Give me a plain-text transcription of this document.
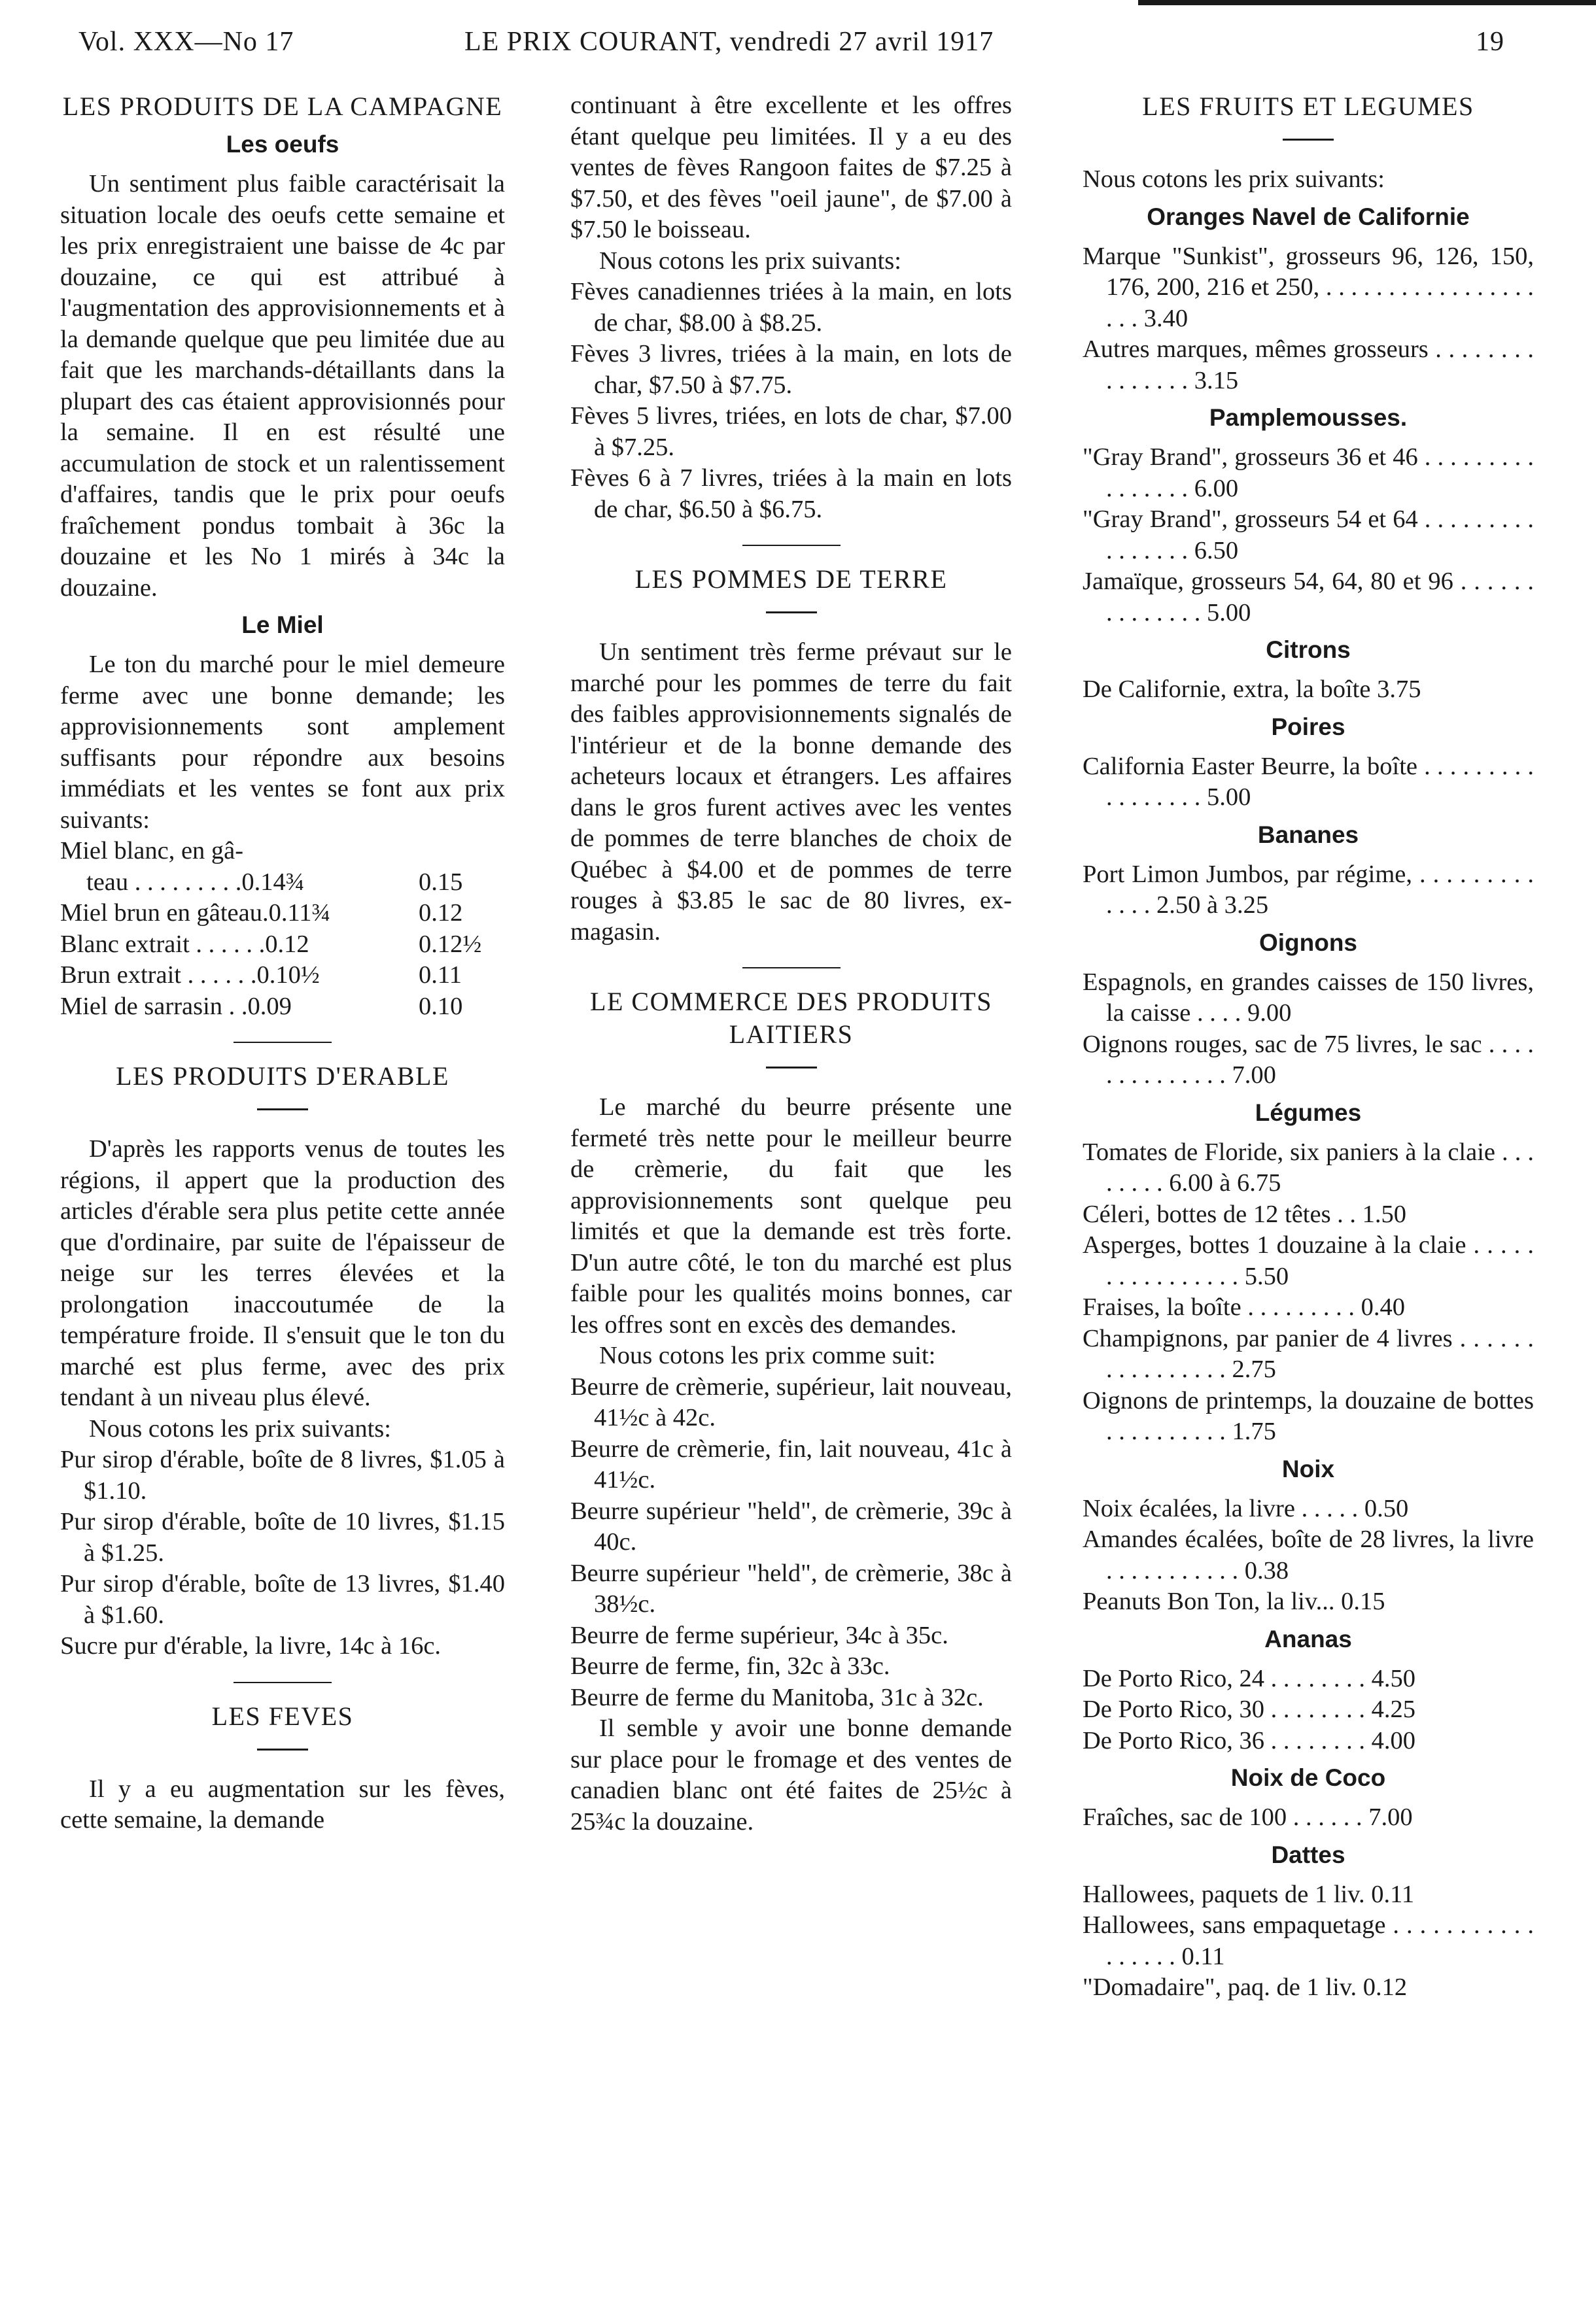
Vol. XXX—No 17	LE PRIX COURANT, vendredi 27 avril 1917	19
LES PRODUITS DE LA CAMPAGNE
Les oeufs

Un sentiment plus faible caractérisait la situation locale des oeufs cette semaine et les prix enregistraient une baisse de 4c par douzaine, ce qui est attribué à l'augmentation des approvisionnements et à la demande quelque que peu limitée due au fait que les marchands-détaillants dans la plupart des cas étaient approvisionnés pour la semaine. Il en est résulté une accumulation de stock et un ralentissement d'affaires, tandis que le prix pour oeufs fraîchement pondus tombait à 36c la douzaine et les No 1 mirés à 34c la douzaine.

Le Miel

Le ton du marché pour le miel demeure ferme avec une bonne demande; les approvisionnements sont amplement suffisants pour répondre aux besoins immédiats et les ventes se font aux prix suivants:

Miel blanc, en gâ-
teau . . . . . . . . .0.14¾	0.15
Miel brun en gâteau.0.11¾	0.12
Blanc extrait . . . . . .0.12	0.12½
Brun extrait . . . . . .0.10½	0.11
Miel de sarrasin . .0.09	0.10
LES PRODUITS D'ERABLE

D'après les rapports venus de toutes les régions, il appert que la production des articles d'érable sera plus petite cette année que d'ordinaire, par suite de l'épaisseur de neige sur les terres élevées et la prolongation inaccoutumée de la température froide. Il s'ensuit que le ton du marché est plus ferme, avec des prix tendant à un niveau plus élevé.

Nous cotons les prix suivants:

Pur sirop d'érable, boîte de 8 livres, $1.05 à $1.10.

Pur sirop d'érable, boîte de 10 livres, $1.15 à $1.25.

Pur sirop d'érable, boîte de 13 livres, $1.40 à $1.60.

Sucre pur d'érable, la livre, 14c à 16c.

LES FEVES

Il y a eu augmentation sur les fèves, cette semaine, la demande

continuant à être excellente et les offres étant quelque peu limitées. Il y a eu des ventes de fèves Rangoon faites de $7.25 à $7.50, et des fèves "oeil jaune", de $7.00 à $7.50 le boisseau.

Nous cotons les prix suivants:

Fèves canadiennes triées à la main, en lots de char, $8.00 à $8.25.

Fèves 3 livres, triées à la main, en lots de char, $7.50 à $7.75.

Fèves 5 livres, triées, en lots de char, $7.00 à $7.25.

Fèves 6 à 7 livres, triées à la main en lots de char, $6.50 à $6.75.

LES POMMES DE TERRE

Un sentiment très ferme prévaut sur le marché pour les pommes de terre du fait des faibles approvisionnements signalés de l'intérieur et de la bonne demande des acheteurs locaux et étrangers. Les affaires dans le gros furent actives avec les ventes de pommes de terre blanches de choix de Québec à $4.00 et de pommes de terre rouges à $3.85 le sac de 80 livres, ex-magasin.

LE COMMERCE DES PRODUITS LAITIERS

Le marché du beurre présente une fermeté très nette pour le meilleur beurre de crèmerie, du fait que les approvisionnements sont quelque peu limités et que la demande est très forte. D'un autre côté, le ton du marché est plus faible pour les qualités moins bonnes, car les offres sont en excès des demandes.

Nous cotons les prix comme suit:

Beurre de crèmerie, supérieur, lait nouveau, 41½c à 42c.

Beurre de crèmerie, fin, lait nouveau, 41c à 41½c.

Beurre supérieur "held", de crèmerie, 39c à 40c.

Beurre supérieur "held", de crèmerie, 38c à 38½c.

Beurre de ferme supérieur, 34c à 35c.

Beurre de ferme, fin, 32c à 33c.

Beurre de ferme du Manitoba, 31c à 32c.

Il semble y avoir une bonne demande sur place pour le fromage et des ventes de canadien blanc ont été faites de 25½c à 25¾c la douzaine.

LES FRUITS ET LEGUMES

Nous cotons les prix suivants:

Oranges Navel de Californie

Marque "Sunkist", grosseurs 96, 126, 150, 176, 200, 216 et 250, . . . . . . . . . . . . . . . . . . . . 3.40

Autres marques, mêmes grosseurs . . . . . . . . . . . . . . . 3.15

Pamplemousses.

"Gray Brand", grosseurs 36 et 46 . . . . . . . . . . . . . . . . 6.00

"Gray Brand", grosseurs 54 et 64 . . . . . . . . . . . . . . . . 6.50

Jamaïque, grosseurs 54, 64, 80 et 96 . . . . . . . . . . . . . . 5.00

Citrons

De Californie, extra, la boîte 3.75

Poires

California Easter Beurre, la boîte . . . . . . . . . . . . . . . . . 5.00

Bananes

Port Limon Jumbos, par régime, . . . . . . . . . . . . . 2.50 à 3.25

Oignons

Espagnols, en grandes caisses de 150 livres, la caisse . . . . 9.00

Oignons rouges, sac de 75 livres, le sac . . . . . . . . . . . . . . 7.00

Légumes

Tomates de Floride, six paniers à la claie . . . . . . . . 6.00 à 6.75

Céleri, bottes de 12 têtes . . 1.50

Asperges, bottes 1 douzaine à la claie . . . . . . . . . . . . . . . . 5.50

Fraises, la boîte . . . . . . . . . 0.40

Champignons, par panier de 4 livres . . . . . . . . . . . . . . . . 2.75

Oignons de printemps, la douzaine de bottes . . . . . . . . . . 1.75

Noix

Noix écalées, la livre . . . . . 0.50

Amandes écalées, boîte de 28 livres, la livre . . . . . . . . . . . 0.38

Peanuts Bon Ton, la liv... 0.15

Ananas

De Porto Rico, 24 . . . . . . . . 4.50

De Porto Rico, 30 . . . . . . . . 4.25

De Porto Rico, 36 . . . . . . . . 4.00

Noix de Coco

Fraîches, sac de 100 . . . . . . 7.00

Dattes

Hallowees, paquets de 1 liv. 0.11

Hallowees, sans empaquetage . . . . . . . . . . . . . . . . . 0.11

"Domadaire", paq. de 1 liv. 0.12
